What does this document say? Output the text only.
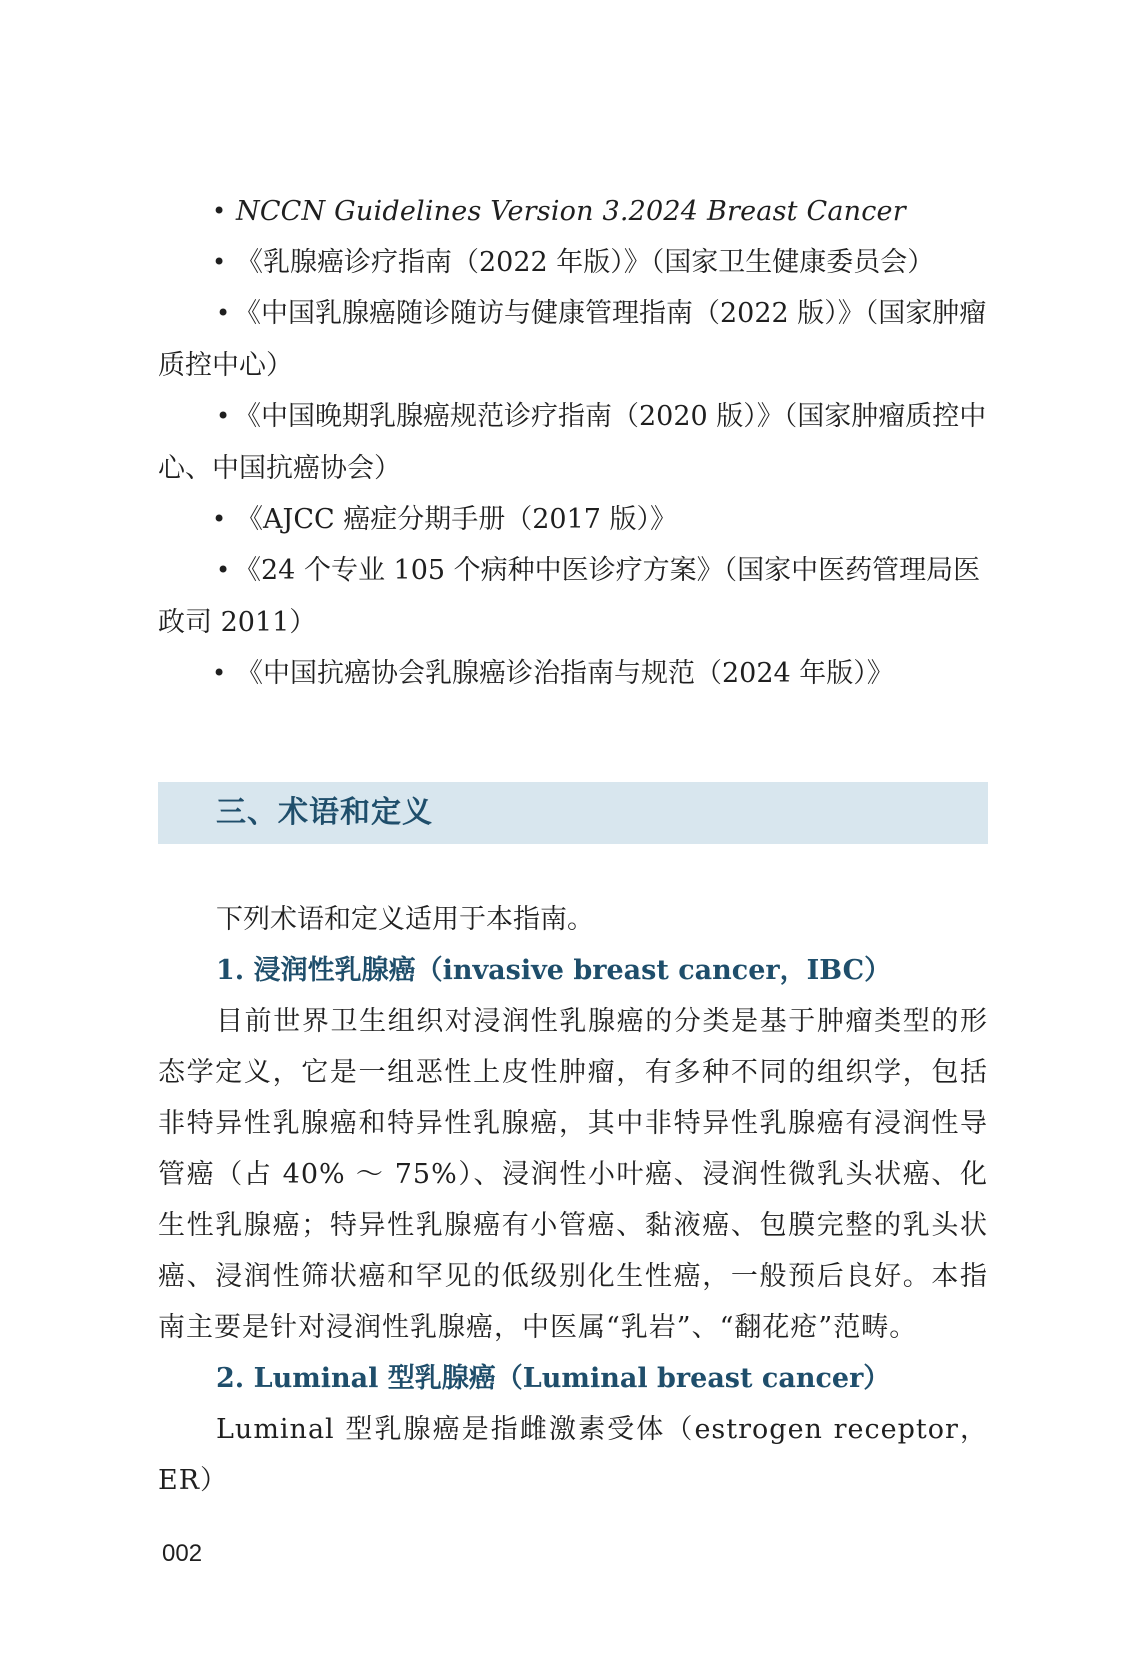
• NCCN Guidelines Version 3.2024 Breast Cancer

• 《乳腺癌诊疗指南（2022 年版）》（国家卫生健康委员会）

• 《中国乳腺癌随诊随访与健康管理指南（2022 版）》（国家肿瘤质控中心）

• 《中国晚期乳腺癌规范诊疗指南（2020 版）》（国家肿瘤质控中心、中国抗癌协会）

• 《AJCC 癌症分期手册（2017 版）》

• 《24 个专业 105 个病种中医诊疗方案》（国家中医药管理局医政司 2011）

• 《中国抗癌协会乳腺癌诊治指南与规范（2024 年版）》

三、术语和定义

下列术语和定义适用于本指南。

1. 浸润性乳腺癌（invasive breast cancer，IBC）

目前世界卫生组织对浸润性乳腺癌的分类是基于肿瘤类型的形态学定义，它是一组恶性上皮性肿瘤，有多种不同的组织学，包括非特异性乳腺癌和特异性乳腺癌，其中非特异性乳腺癌有浸润性导管癌（占 40% ～ 75%）、浸润性小叶癌、浸润性微乳头状癌、化生性乳腺癌；特异性乳腺癌有小管癌、黏液癌、包膜完整的乳头状癌、浸润性筛状癌和罕见的低级别化生性癌，一般预后良好。本指南主要是针对浸润性乳腺癌，中医属“乳岩”、“翻花疮”范畴。

2. Luminal 型乳腺癌（Luminal breast cancer）

Luminal 型乳腺癌是指雌激素受体（estrogen receptor，ER）

002
